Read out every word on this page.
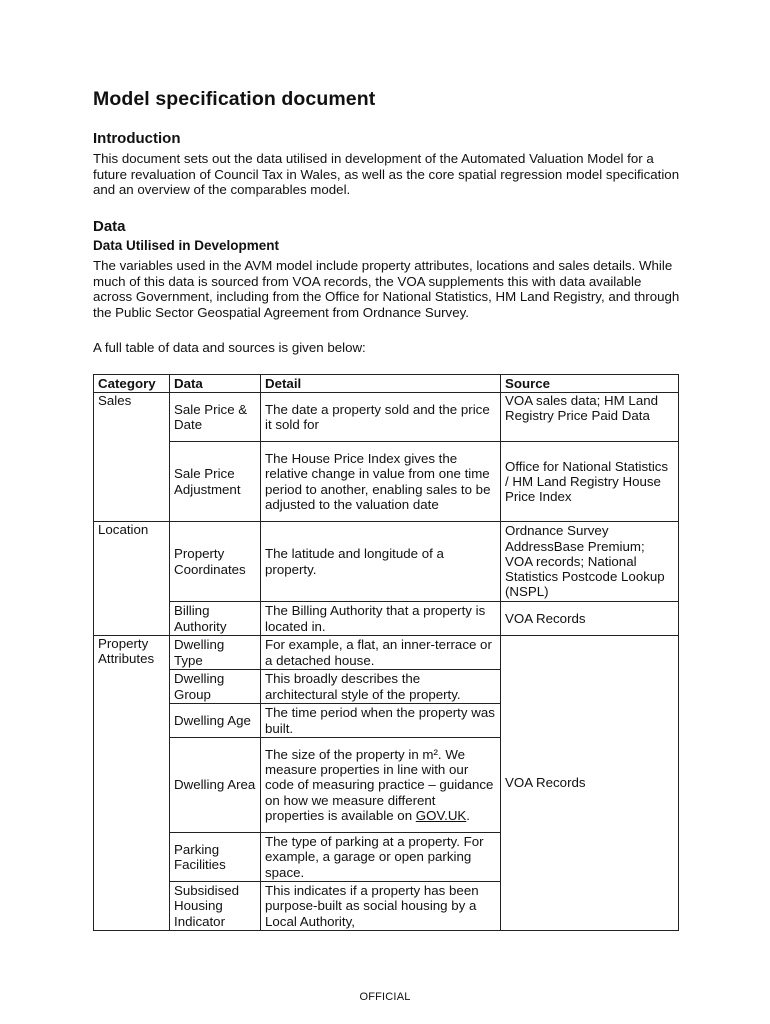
Model specification document
Introduction

This document sets out the data utilised in development of the Automated Valuation Model for a future revaluation of Council Tax in Wales, as well as the core spatial regression model specification and an overview of the comparables model.

Data
Data Utilised in Development

The variables used in the AVM model include property attributes, locations and sales details. While much of this data is sourced from VOA records, the VOA supplements this with data available across Government, including from the Office for National Statistics, HM Land Registry, and through the Public Sector Geospatial Agreement from Ordnance Survey.

A full table of data and sources is given below:

Category	Data	Detail	Source
Sales	Sale Price & Date	The date a property sold and the price it sold for	VOA sales data; HM Land Registry Price Paid Data
	Sale Price Adjustment	The House Price Index gives the relative change in value from one time period to another, enabling sales to be adjusted to the valuation date	Office for National Statistics / HM Land Registry House Price Index
Location	Property Coordinates	The latitude and longitude of a property.	Ordnance Survey AddressBase Premium; VOA records; National Statistics Postcode Lookup (NSPL)
	Billing Authority	The Billing Authority that a property is located in.	VOA Records
Property Attributes	Dwelling Type	For example, a flat, an inner-terrace or a detached house.	VOA Records
	Dwelling Group	This broadly describes the architectural style of the property.	
	Dwelling Age	The time period when the property was built.	
	Dwelling Area	The size of the property in m². We measure properties in line with our code of measuring practice – guidance on how we measure different properties is available on GOV.UK.	
	Parking Facilities	The type of parking at a property. For example, a garage or open parking space.	
	Subsidised Housing Indicator	This indicates if a property has been purpose-built as social housing by a Local Authority,	
OFFICIAL
